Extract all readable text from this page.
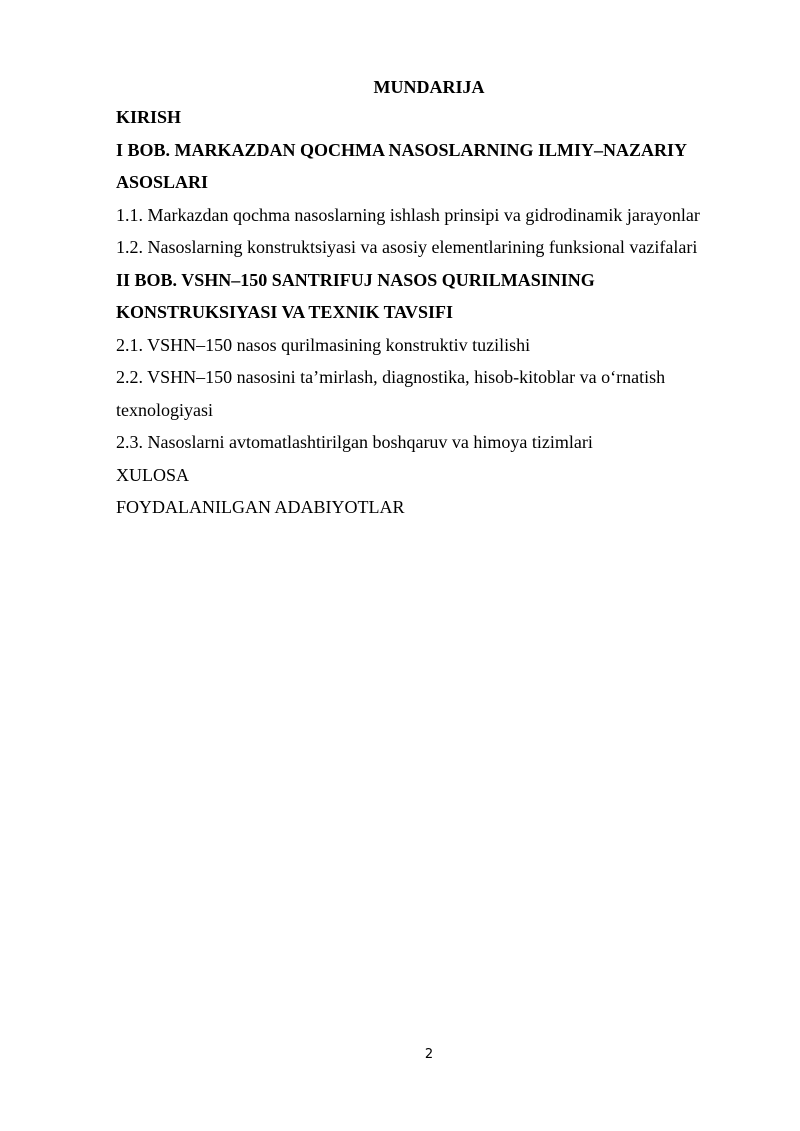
MUNDARIJA
KIRISH
I BOB. MARKAZDAN QOCHMA NASOSLARNING ILMIY–NAZARIY
ASOSLARI
1.1. Markazdan qochma nasoslarning ishlash prinsipi va gidrodinamik jarayonlar
1.2. Nasoslarning konstruktsiyasi va asosiy elementlarining funksional vazifalari
II BOB. VSHN–150 SANTRIFUJ NASOS QURILMASINING
KONSTRUKSIYASI VA TEXNIK TAVSIFI
2.1. VSHN–150 nasos qurilmasining konstruktiv tuzilishi
2.2. VSHN–150 nasosini ta’mirlash, diagnostika, hisob-kitoblar va o‘rnatish
texnologiyasi
2.3. Nasoslarni avtomatlashtirilgan boshqaruv va himoya tizimlari
XULOSA
FOYDALANILGAN ADABIYOTLAR
2
